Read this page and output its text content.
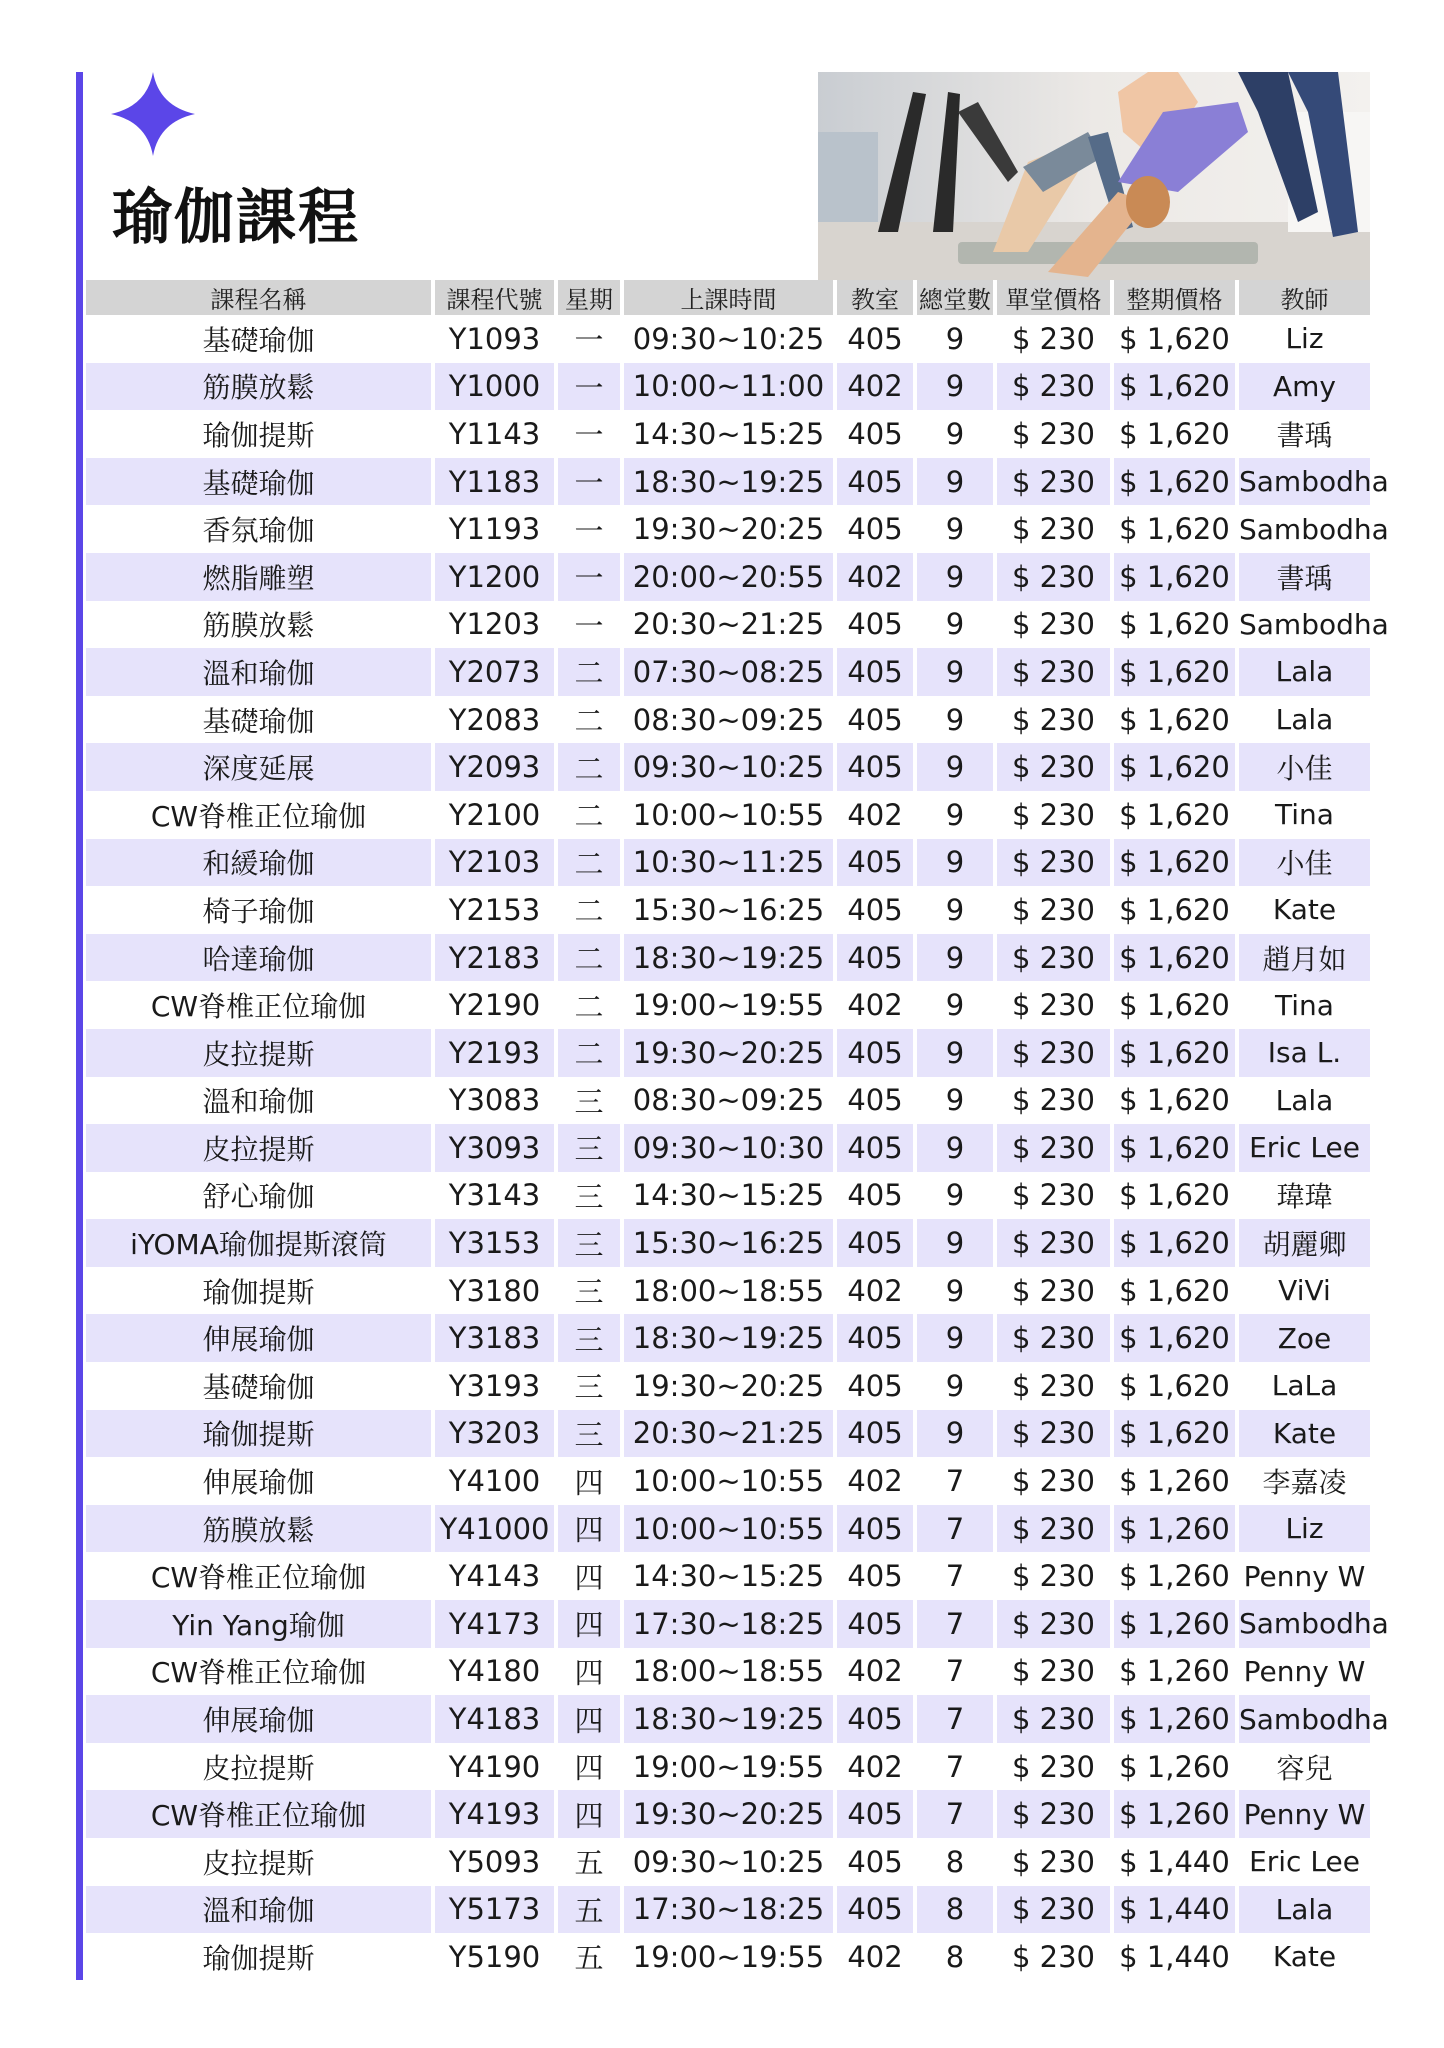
瑜伽課程
課程名稱	課程代號	星期	上課時間	教室	總堂數	單堂價格	整期價格	教師
基礎瑜伽	Y1093	一	09:30~10:25	405	9	$ 230	$ 1,620	Liz
筋膜放鬆	Y1000	一	10:00~11:00	402	9	$ 230	$ 1,620	Amy
瑜伽提斯	Y1143	一	14:30~15:25	405	9	$ 230	$ 1,620	書瑀
基礎瑜伽	Y1183	一	18:30~19:25	405	9	$ 230	$ 1,620	Sambodha
香氛瑜伽	Y1193	一	19:30~20:25	405	9	$ 230	$ 1,620	Sambodha
燃脂雕塑	Y1200	一	20:00~20:55	402	9	$ 230	$ 1,620	書瑀
筋膜放鬆	Y1203	一	20:30~21:25	405	9	$ 230	$ 1,620	Sambodha
溫和瑜伽	Y2073	二	07:30~08:25	405	9	$ 230	$ 1,620	Lala
基礎瑜伽	Y2083	二	08:30~09:25	405	9	$ 230	$ 1,620	Lala
深度延展	Y2093	二	09:30~10:25	405	9	$ 230	$ 1,620	小佳
CW脊椎正位瑜伽	Y2100	二	10:00~10:55	402	9	$ 230	$ 1,620	Tina
和緩瑜伽	Y2103	二	10:30~11:25	405	9	$ 230	$ 1,620	小佳
椅子瑜伽	Y2153	二	15:30~16:25	405	9	$ 230	$ 1,620	Kate
哈達瑜伽	Y2183	二	18:30~19:25	405	9	$ 230	$ 1,620	趙月如
CW脊椎正位瑜伽	Y2190	二	19:00~19:55	402	9	$ 230	$ 1,620	Tina
皮拉提斯	Y2193	二	19:30~20:25	405	9	$ 230	$ 1,620	Isa L.
溫和瑜伽	Y3083	三	08:30~09:25	405	9	$ 230	$ 1,620	Lala
皮拉提斯	Y3093	三	09:30~10:30	405	9	$ 230	$ 1,620	Eric Lee
舒心瑜伽	Y3143	三	14:30~15:25	405	9	$ 230	$ 1,620	瑋瑋
iYOMA瑜伽提斯滾筒	Y3153	三	15:30~16:25	405	9	$ 230	$ 1,620	胡麗卿
瑜伽提斯	Y3180	三	18:00~18:55	402	9	$ 230	$ 1,620	ViVi
伸展瑜伽	Y3183	三	18:30~19:25	405	9	$ 230	$ 1,620	Zoe
基礎瑜伽	Y3193	三	19:30~20:25	405	9	$ 230	$ 1,620	LaLa
瑜伽提斯	Y3203	三	20:30~21:25	405	9	$ 230	$ 1,620	Kate
伸展瑜伽	Y4100	四	10:00~10:55	402	7	$ 230	$ 1,260	李嘉凌
筋膜放鬆	Y41000	四	10:00~10:55	405	7	$ 230	$ 1,260	Liz
CW脊椎正位瑜伽	Y4143	四	14:30~15:25	405	7	$ 230	$ 1,260	Penny W
Yin Yang瑜伽	Y4173	四	17:30~18:25	405	7	$ 230	$ 1,260	Sambodha
CW脊椎正位瑜伽	Y4180	四	18:00~18:55	402	7	$ 230	$ 1,260	Penny W
伸展瑜伽	Y4183	四	18:30~19:25	405	7	$ 230	$ 1,260	Sambodha
皮拉提斯	Y4190	四	19:00~19:55	402	7	$ 230	$ 1,260	容兒
CW脊椎正位瑜伽	Y4193	四	19:30~20:25	405	7	$ 230	$ 1,260	Penny W
皮拉提斯	Y5093	五	09:30~10:25	405	8	$ 230	$ 1,440	Eric Lee
溫和瑜伽	Y5173	五	17:30~18:25	405	8	$ 230	$ 1,440	Lala
瑜伽提斯	Y5190	五	19:00~19:55	402	8	$ 230	$ 1,440	Kate
